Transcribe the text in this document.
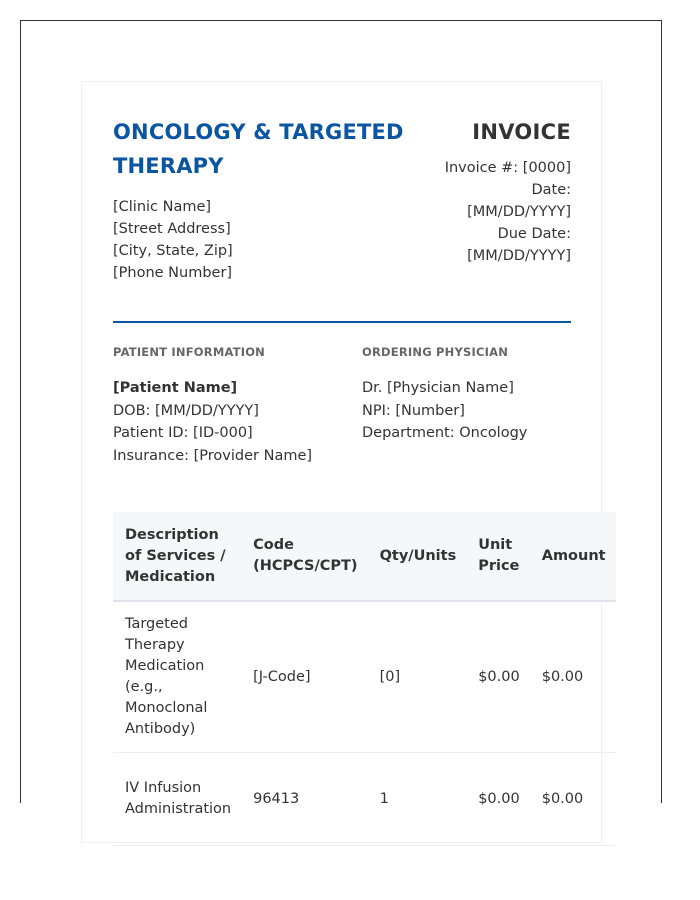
ONCOLOGY & TARGETED THERAPY
[Clinic Name]
[Street Address]
[City, State, Zip]
[Phone Number]
INVOICE
Invoice #: [0000]
Date:
[MM/DD/YYYY]
Due Date:
[MM/DD/YYYY]
PATIENT INFORMATION	ORDERING PHYSICIAN
[Patient Name]
DOB: [MM/DD/YYYY]
Patient ID: [ID-000]
Insurance: [Provider Name]
Dr. [Physician Name]
NPI: [Number]
Department: Oncology
Description of Services / Medication	Code (HCPCS/CPT)	Qty/Units	Unit Price	Amount
Targeted Therapy Medication (e.g., Monoclonal Antibody)	[J-Code]	[0]	$0.00	$0.00
IV Infusion Administration	96413	1	$0.00	$0.00
